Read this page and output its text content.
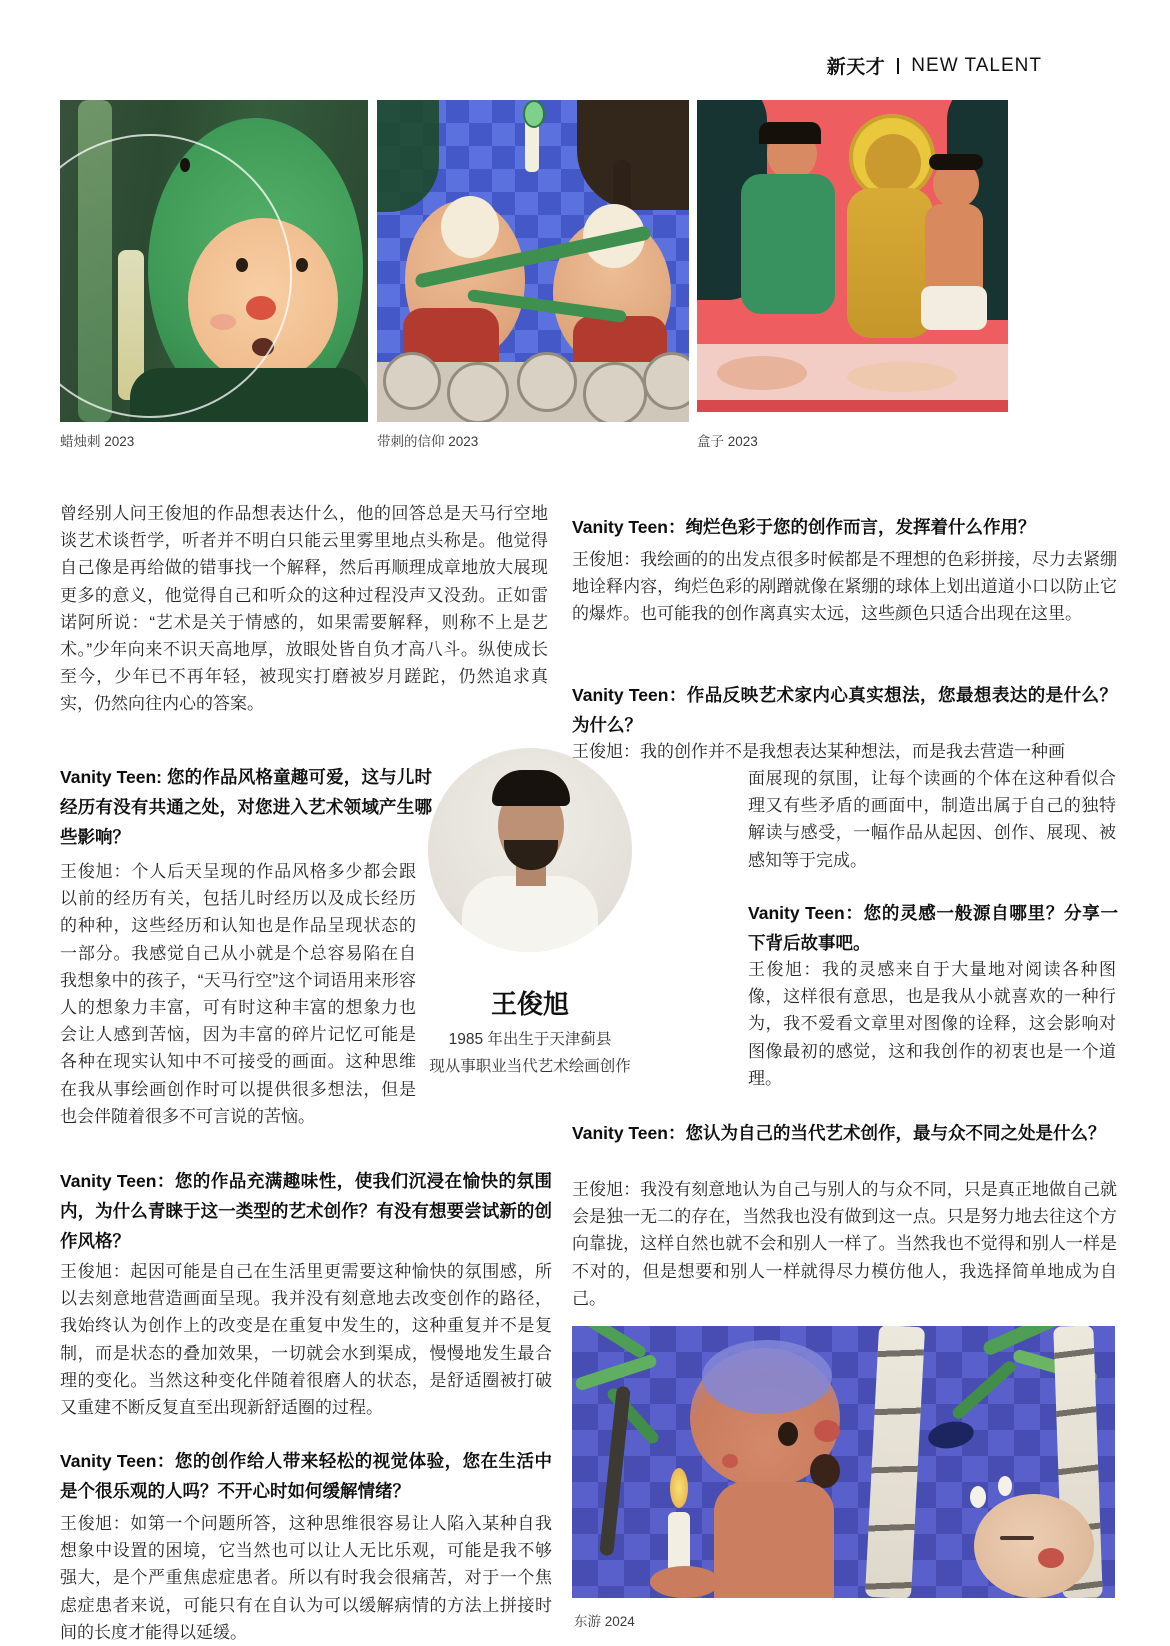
新天才 NEW TALENT
蜡烛刺 2023	带刺的信仰 2023	盒子 2023
曾经别人问王俊旭的作品想表达什么，他的回答总是天马行空地谈艺术谈哲学，听者并不明白只能云里雾里地点头称是。他觉得自己像是再给做的错事找一个解释，然后再顺理成章地放大展现更多的意义，他觉得自己和听众的这种过程没声又没劲。正如雷诺阿所说：“艺术是关于情感的，如果需要解释，则称不上是艺术。”少年向来不识天高地厚，放眼处皆自负才高八斗。纵使成长至今，少年已不再年轻，被现实打磨被岁月蹉跎，仍然追求真实，仍然向往内心的答案。
Vanity Teen: 您的作品风格童趣可爱，这与儿时经历有没有共通之处，对您进入艺术领域产生哪些影响？
王俊旭：个人后天呈现的作品风格多少都会跟以前的经历有关，包括儿时经历以及成长经历的种种，这些经历和认知也是作品呈现状态的一部分。我感觉自己从小就是个总容易陷在自我想象中的孩子，“天马行空”这个词语用来形容人的想象力丰富，可有时这种丰富的想象力也会让人感到苦恼，因为丰富的碎片记忆可能是各种在现实认知中不可接受的画面。这种思维在我从事绘画创作时可以提供很多想法，但是也会伴随着很多不可言说的苦恼。
Vanity Teen：您的作品充满趣味性，使我们沉浸在愉快的氛围内，为什么青睐于这一类型的艺术创作？有没有想要尝试新的创作风格？
王俊旭：起因可能是自己在生活里更需要这种愉快的氛围感，所以去刻意地营造画面呈现。我并没有刻意地去改变创作的路径，我始终认为创作上的改变是在重复中发生的，这种重复并不是复制，而是状态的叠加效果，一切就会水到渠成，慢慢地发生最合理的变化。当然这种变化伴随着很磨人的状态，是舒适圈被打破又重建不断反复直至出现新舒适圈的过程。
Vanity Teen：您的创作给人带来轻松的视觉体验，您在生活中是个很乐观的人吗？不开心时如何缓解情绪？
王俊旭：如第一个问题所答，这种思维很容易让人陷入某种自我想象中设置的困境，它当然也可以让人无比乐观，可能是我不够强大，是个严重焦虑症患者。所以有时我会很痛苦，对于一个焦虑症患者来说，可能只有在自认为可以缓解病情的方法上拼接时间的长度才能得以延缓。
Vanity Teen：绚烂色彩于您的创作而言，发挥着什么作用？
王俊旭：我绘画的的出发点很多时候都是不理想的色彩拼接，尽力去紧绷地诠释内容，绚烂色彩的剐蹭就像在紧绷的球体上划出道道小口以防止它的爆炸。也可能我的创作离真实太远，这些颜色只适合出现在这里。
Vanity Teen：作品反映艺术家内心真实想法，您最想表达的是什么？为什么？
王俊旭：我的创作并不是我想表达某种想法，而是我去营造一种画
面展现的氛围，让每个读画的个体在这种看似合理又有些矛盾的画面中，制造出属于自己的独特解读与感受，一幅作品从起因、创作、展现、被感知等于完成。
Vanity Teen：您的灵感一般源自哪里？分享一下背后故事吧。
王俊旭：我的灵感来自于大量地对阅读各种图像，这样很有意思，也是我从小就喜欢的一种行为，我不爱看文章里对图像的诠释，这会影响对图像最初的感觉，这和我创作的初衷也是一个道理。
Vanity Teen：您认为自己的当代艺术创作，最与众不同之处是什么？
王俊旭：我没有刻意地认为自己与别人的与众不同，只是真正地做自己就会是独一无二的存在，当然我也没有做到这一点。只是努力地去往这个方向靠拢，这样自然也就不会和别人一样了。当然我也不觉得和别人一样是不对的，但是想要和别人一样就得尽力模仿他人，我选择简单地成为自己。
王俊旭
1985 年出生于天津蓟县
现从事职业当代艺术绘画创作
东游 2024
